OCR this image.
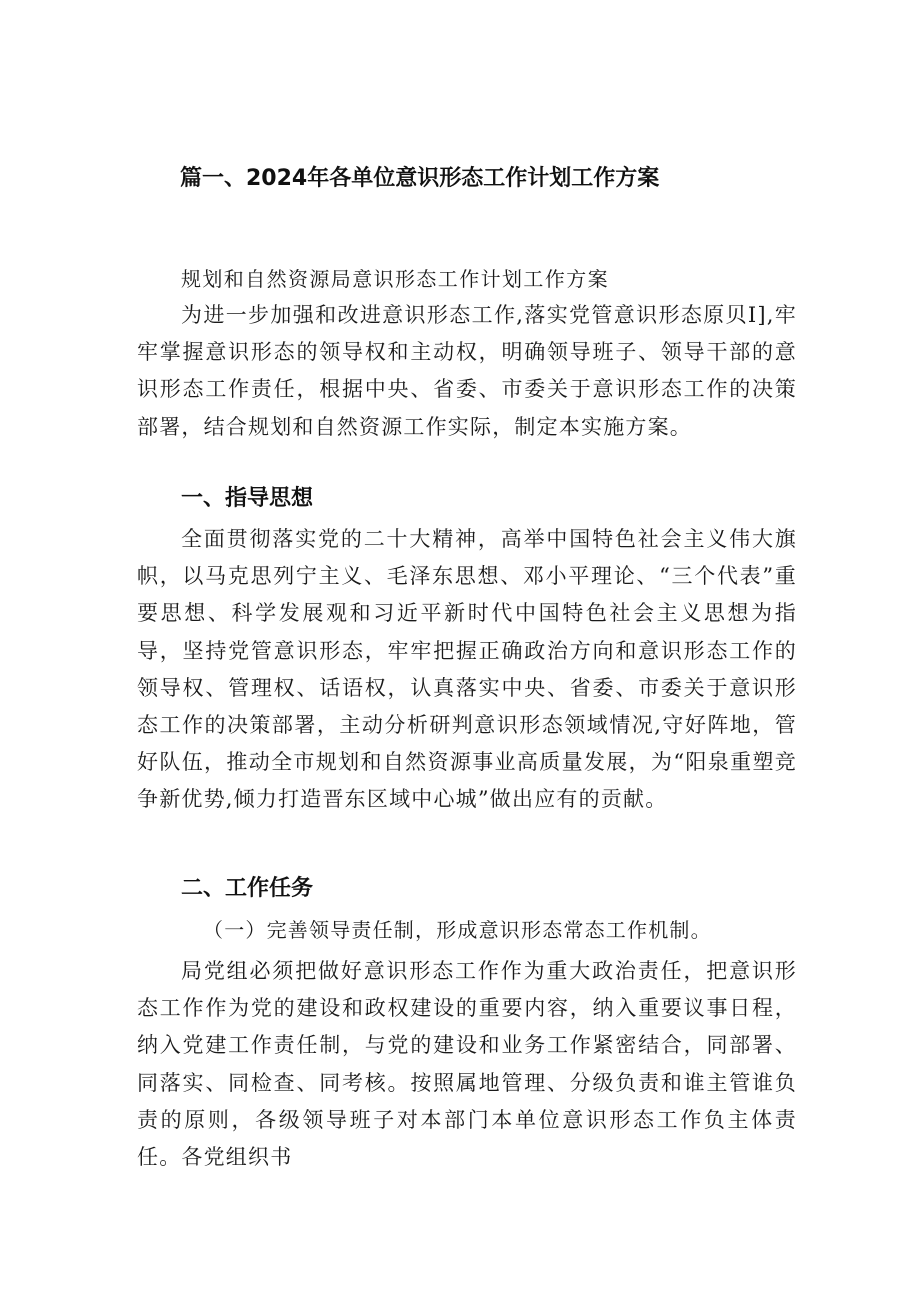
篇一、2024年各单位意识形态工作计划工作方案
规划和自然资源局意识形态工作计划工作方案

为进一步加强和改进意识形态工作,落实党管意识形态原贝I],牢牢掌握意识形态的领导权和主动权，明确领导班子、领导干部的意识形态工作责任，根据中央、省委、市委关于意识形态工作的决策部署，结合规划和自然资源工作实际，制定本实施方案。

一、指导思想

全面贯彻落实党的二十大精神，高举中国特色社会主义伟大旗帜，以马克思列宁主义、毛泽东思想、邓小平理论、“三个代表”重要思想、科学发展观和习近平新时代中国特色社会主义思想为指导，坚持党管意识形态，牢牢把握正确政治方向和意识形态工作的领导权、管理权、话语权，认真落实中央、省委、市委关于意识形态工作的决策部署，主动分析研判意识形态领域情况,守好阵地，管好队伍，推动全市规划和自然资源事业高质量发展，为“阳泉重塑竞争新优势,倾力打造晋东区域中心城”做出应有的贡献。

二、工作任务
（一）完善领导责任制，形成意识形态常态工作机制。

局党组必须把做好意识形态工作作为重大政治责任，把意识形态工作作为党的建设和政权建设的重要内容，纳入重要议事日程，纳入党建工作责任制，与党的建设和业务工作紧密结合，同部署、同落实、同检查、同考核。按照属地管理、分级负责和谁主管谁负责的原则，各级领导班子对本部门本单位意识形态工作负主体责任。各党组织书
